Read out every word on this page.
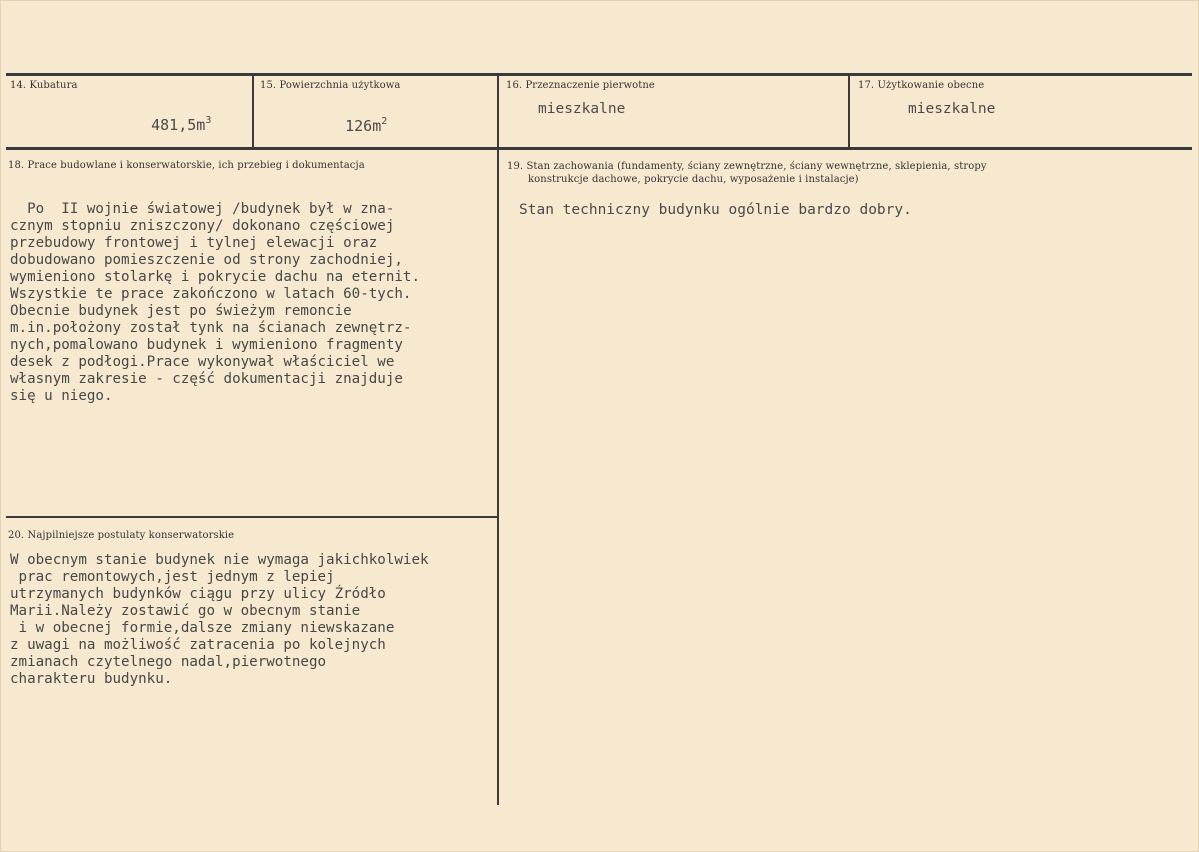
14. Kubatura

$481,5m^3$

15. Powierzchnia użytkowa

$126m^2$

16. Przeznaczenie pierwotne
mieszkalne
17. Użytkowanie obecne
mieszkalne
18. Prace budowlane i konserwatorskie, ich przebieg i dokumentacja
Po  II wojnie światowej /budynek był w zna-
cznym stopniu zniszczony/ dokonano częściowej
przebudowy frontowej i tylnej elewacji oraz
dobudowano pomieszczenie od strony zachodniej,
wymieniono stolarkę i pokrycie dachu na eternit.
Wszystkie te prace zakończono w latach 60-tych.
Obecnie budynek jest po świeżym remoncie
m.in.położony został tynk na ścianach zewnętrz-
nych,pomalowano budynek i wymieniono fragmenty
desek z podłogi.Prace wykonywał właściciel we
własnym zakresie - część dokumentacji znajduje
się u niego.
19. Stan zachowania (fundamenty, ściany zewnętrzne, ściany wewnętrzne, sklepienia, stropy
konstrukcje dachowe, pokrycie dachu, wyposażenie i instalacje)
Stan techniczny budynku ogólnie bardzo dobry.
20. Najpilniejsze postulaty konserwatorskie
W obecnym stanie budynek nie wymaga jakichkolwiek
prac remontowych,jest jednym z lepiej
utrzymanych budynków ciągu przy ulicy Źródło
Marii.Należy zostawić go w obecnym stanie
i w obecnej formie,dalsze zmiany niewskazane
z uwagi na możliwość zatracenia po kolejnych
zmianach czytelnego nadal,pierwotnego
charakteru budynku.
